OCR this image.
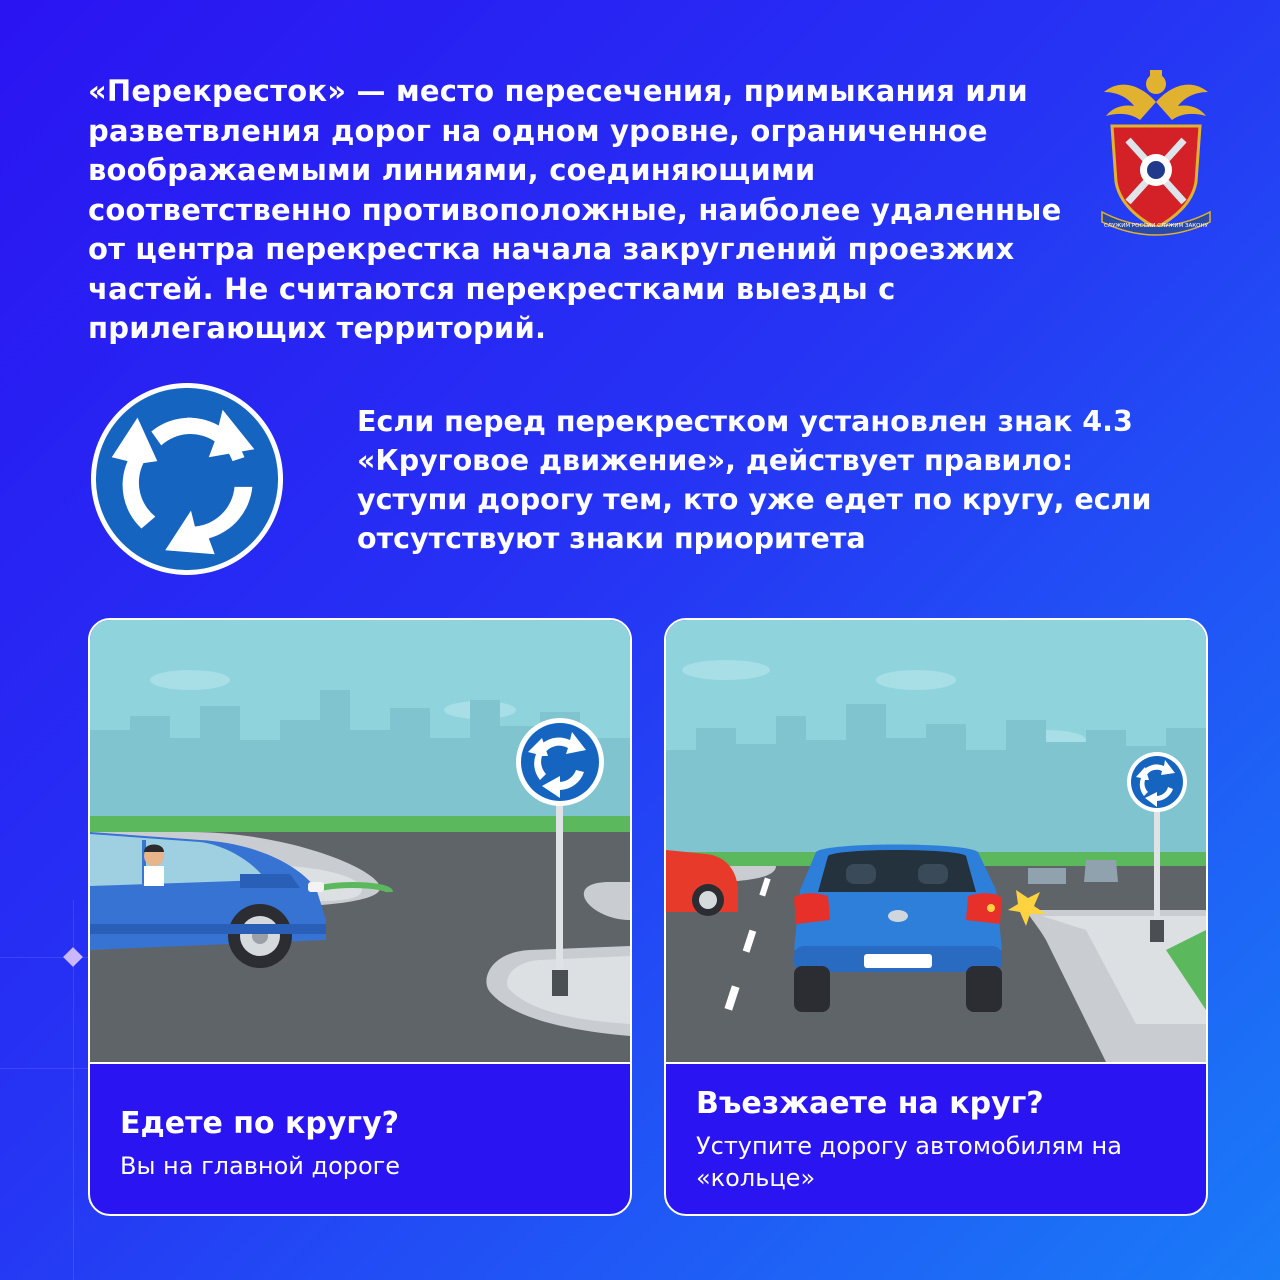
«Перекресток» — место пересечения, примыкания или разветвления дорог на одном уровне, ограниченное воображаемыми линиями, соединяющими соответственно противоположные, наиболее удаленные от центра перекрестка начала закруглений проезжих частей. Не считаются перекрестками выезды с прилегающих территорий.

СЛУЖИМ РОССИИ СЛУЖИМ ЗАКОНУ

Если перед перекрестком установлен знак 4.3 «Круговое движение», действует правило: уступи дорогу тем, кто уже едет по кругу, если отсутствуют знаки приоритета

Едете по кругу?

Вы на главной дороге

Въезжаете на круг?

Уступите дорогу автомобилям на «кольце»
